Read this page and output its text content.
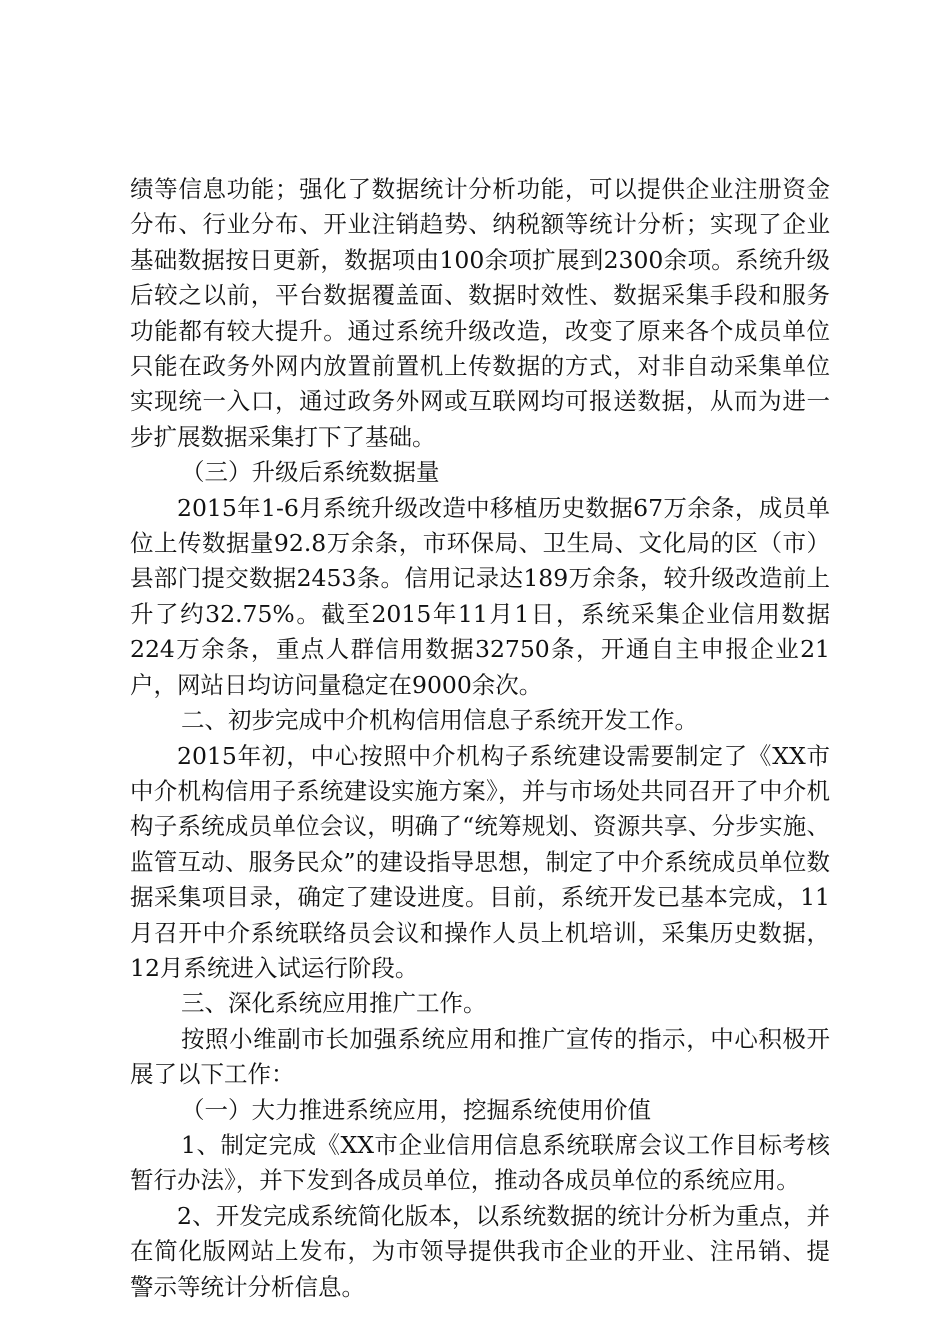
绩等信息功能；强化了数据统计分析功能，可以提供企业注册资金分布、行业分布、开业注销趋势、纳税额等统计分析；实现了企业基础数据按日更新，数据项由100余项扩展到2300余项。系统升级后较之以前，平台数据覆盖面、数据时效性、数据采集手段和服务功能都有较大提升。通过系统升级改造，改变了原来各个成员单位只能在政务外网内放置前置机上传数据的方式，对非自动采集单位实现统一入口，通过政务外网或互联网均可报送数据，从而为进一步扩展数据采集打下了基础。

（三）升级后系统数据量

2015年1-6月系统升级改造中移植历史数据67万余条，成员单位上传数据量92.8万余条，市环保局、卫生局、文化局的区（市）县部门提交数据2453条。信用记录达189万余条，较升级改造前上升了约32.75%。截至2015年11月1日，系统采集企业信用数据224万余条，重点人群信用数据32750条，开通自主申报企业21户，网站日均访问量稳定在9000余次。

二、初步完成中介机构信用信息子系统开发工作。

2015年初，中心按照中介机构子系统建设需要制定了《XX市中介机构信用子系统建设实施方案》，并与市场处共同召开了中介机构子系统成员单位会议，明确了“统筹规划、资源共享、分步实施、监管互动、服务民众”的建设指导思想，制定了中介系统成员单位数据采集项目录，确定了建设进度。目前，系统开发已基本完成，11月召开中介系统联络员会议和操作人员上机培训，采集历史数据，12月系统进入试运行阶段。

三、深化系统应用推广工作。

按照小维副市长加强系统应用和推广宣传的指示，中心积极开展了以下工作：

（一）大力推进系统应用，挖掘系统使用价值

1、制定完成《XX市企业信用信息系统联席会议工作目标考核暂行办法》，并下发到各成员单位，推动各成员单位的系统应用。

2、开发完成系统简化版本，以系统数据的统计分析为重点，并在简化版网站上发布，为市领导提供我市企业的开业、注吊销、提警示等统计分析信息。
